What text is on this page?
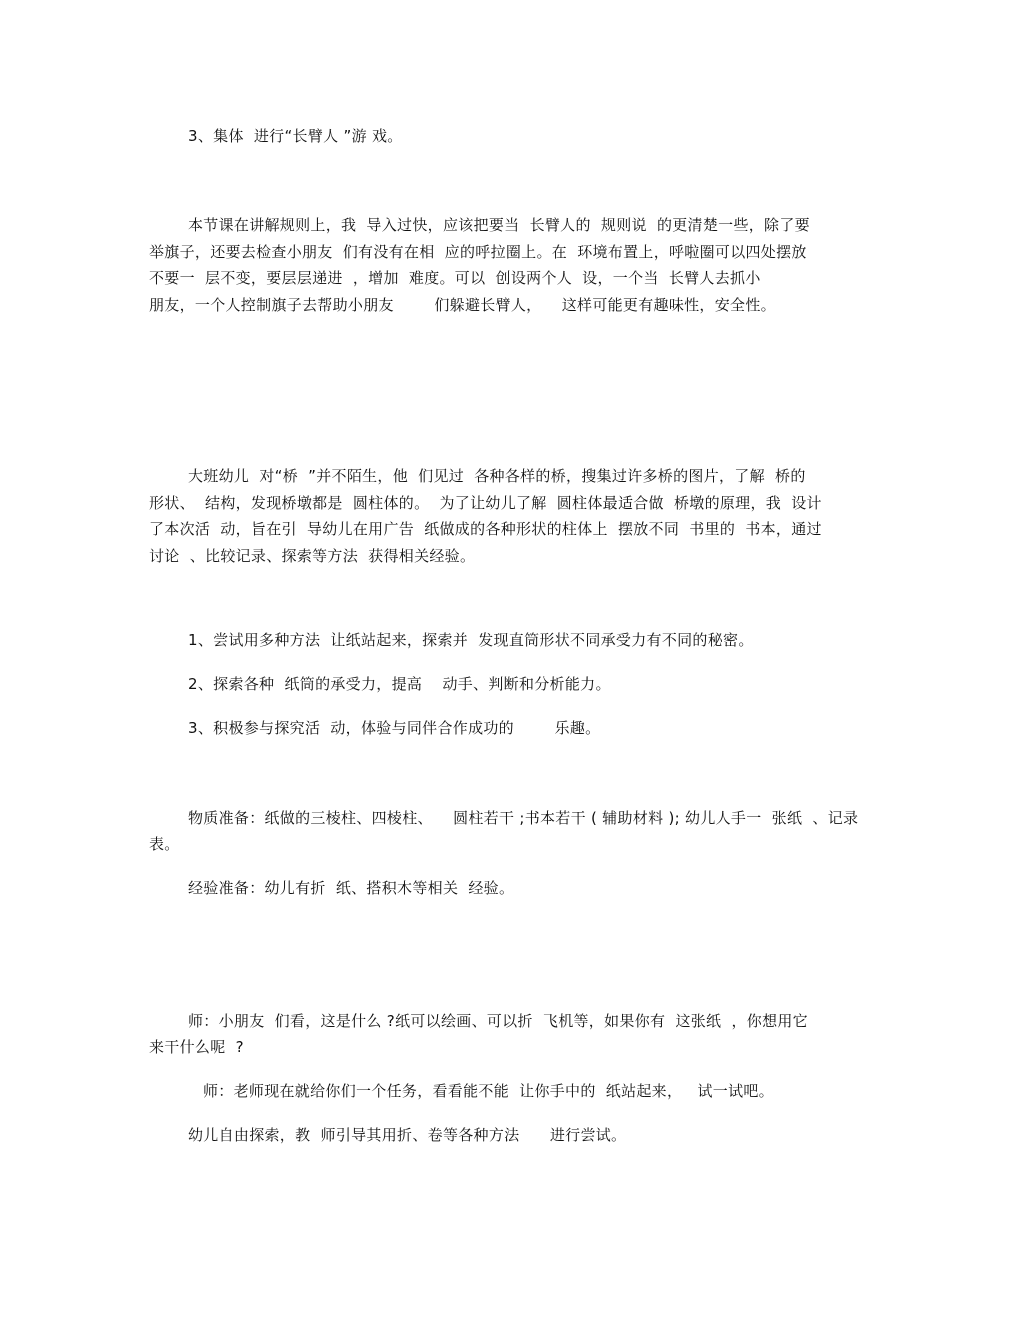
3、集体  进行“长臂人 ”游 戏。
本节课在讲解规则上，我  导入过快，应该把要当  长臂人的  规则说  的更清楚一些，除了要
举旗子，还要去检查小朋友  们有没有在相  应的呼拉圈上。在  环境布置上，呼啦圈可以四处摆放
不要一  层不变，要层层递进  ，增加  难度。可以  创设两个人  设，一个当  长臂人去抓小
朋友，一个人控制旗子去帮助小朋友        们躲避长臂人，    这样可能更有趣味性，安全性。
大班幼儿  对“桥  ”并不陌生，他  们见过  各种各样的桥，搜集过许多桥的图片，了解  桥的
形状、  结构，发现桥墩都是  圆柱体的。  为了让幼儿了解  圆柱体最适合做  桥墩的原理，我  设计
了本次活  动，旨在引  导幼儿在用广告  纸做成的各种形状的柱体上  摆放不同  书里的  书本，通过
讨论  、比较记录、探索等方法  获得相关经验。
1、尝试用多种方法  让纸站起来，探索并  发现直筒形状不同承受力有不同的秘密。
2、探索各种  纸筒的承受力，提高    动手、判断和分析能力。
3、积极参与探究活  动，体验与同伴合作成功的        乐趣。
物质准备：纸做的三棱柱、四棱柱、    圆柱若干 ;书本若干 ( 辅助材料 ); 幼儿人手一  张纸  、记录
表。
经验准备：幼儿有折  纸、搭积木等相关  经验。
师：小朋友  们看，这是什么 ?纸可以绘画、可以折  飞机等，如果你有  这张纸  ，你想用它
来干什么呢  ?
师：老师现在就给你们一个任务，看看能不能  让你手中的  纸站起来，   试一试吧。
幼儿自由探索，教  师引导其用折、卷等各种方法      进行尝试。
